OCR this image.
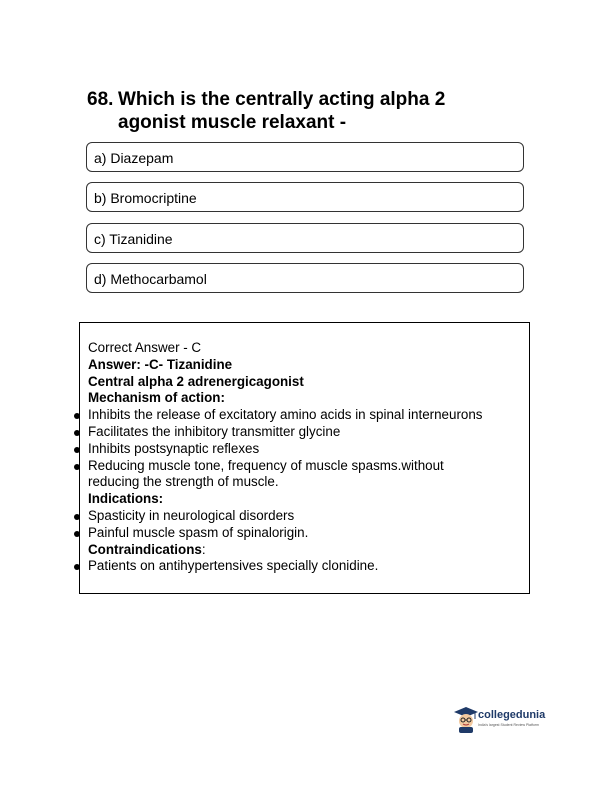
68. Which is the centrally acting alpha 2 agonist muscle relaxant -
a) Diazepam
b) Bromocriptine
c) Tizanidine
d) Methocarbamol
Correct Answer - C
Answer: -C- Tizanidine
Central alpha 2 adrenergicagonist
Mechanism of action:
Inhibits the release of excitatory amino acids in spinal interneurons
Facilitates the inhibitory transmitter glycine
Inhibits postsynaptic reflexes
Reducing muscle tone, frequency of muscle spasms.without reducing the strength of muscle.
Indications:
Spasticity in neurological disorders
Painful muscle spasm of spinalorigin.
Contraindications:
Patients on antihypertensives specially clonidine.
collegedunia
India's largest Student Review Platform
